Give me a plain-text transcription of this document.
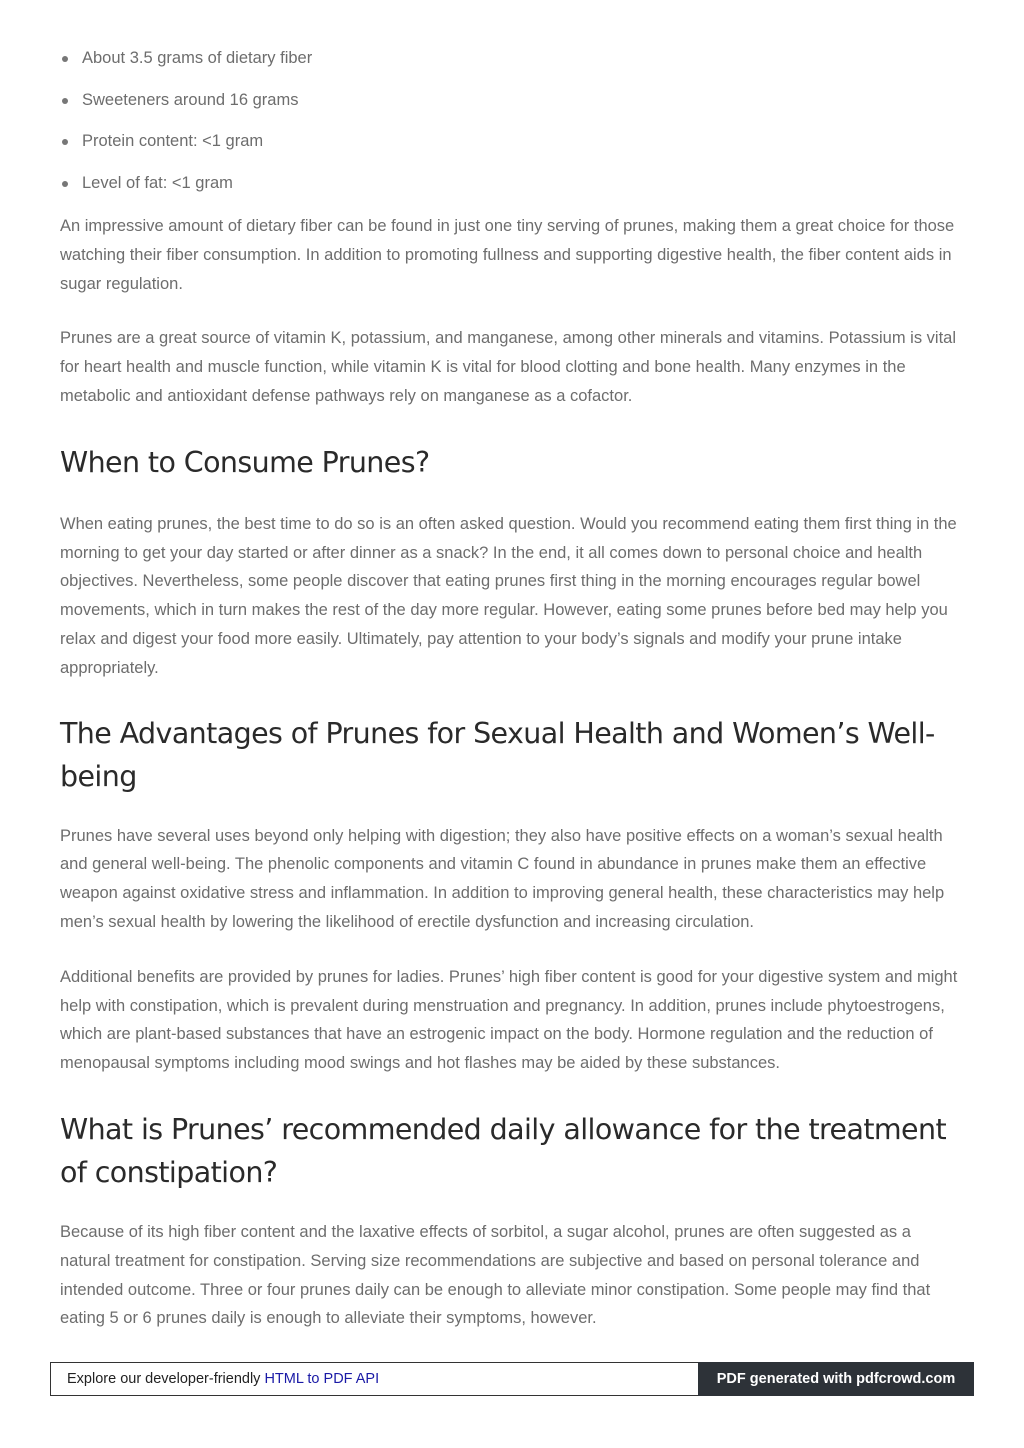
About 3.5 grams of dietary fiber
Sweeteners around 16 grams
Protein content: <1 gram
Level of fat: <1 gram

An impressive amount of dietary fiber can be found in just one tiny serving of prunes, making them a great choice for those watching their fiber consumption. In addition to promoting fullness and supporting digestive health, the fiber content aids in sugar regulation.

Prunes are a great source of vitamin K, potassium, and manganese, among other minerals and vitamins. Potassium is vital for heart health and muscle function, while vitamin K is vital for blood clotting and bone health. Many enzymes in the metabolic and antioxidant defense pathways rely on manganese as a cofactor.

When to Consume Prunes?

When eating prunes, the best time to do so is an often asked question. Would you recommend eating them first thing in the morning to get your day started or after dinner as a snack? In the end, it all comes down to personal choice and health objectives. Nevertheless, some people discover that eating prunes first thing in the morning encourages regular bowel movements, which in turn makes the rest of the day more regular. However, eating some prunes before bed may help you relax and digest your food more easily. Ultimately, pay attention to your body’s signals and modify your prune intake appropriately.

The Advantages of Prunes for Sexual Health and Women’s Well-being

Prunes have several uses beyond only helping with digestion; they also have positive effects on a woman’s sexual health and general well-being. The phenolic components and vitamin C found in abundance in prunes make them an effective weapon against oxidative stress and inflammation. In addition to improving general health, these characteristics may help men’s sexual health by lowering the likelihood of erectile dysfunction and increasing circulation.

Additional benefits are provided by prunes for ladies. Prunes’ high fiber content is good for your digestive system and might help with constipation, which is prevalent during menstruation and pregnancy. In addition, prunes include phytoestrogens, which are plant-based substances that have an estrogenic impact on the body. Hormone regulation and the reduction of menopausal symptoms including mood swings and hot flashes may be aided by these substances.

What is Prunes’ recommended daily allowance for the treatment of constipation?

Because of its high fiber content and the laxative effects of sorbitol, a sugar alcohol, prunes are often suggested as a natural treatment for constipation. Serving size recommendations are subjective and based on personal tolerance and intended outcome. Three or four prunes daily can be enough to alleviate minor constipation. Some people may find that eating 5 or 6 prunes daily is enough to alleviate their symptoms, however.

Explore our developer-friendly HTML to PDF API	PDF generated with pdfcrowd.com
